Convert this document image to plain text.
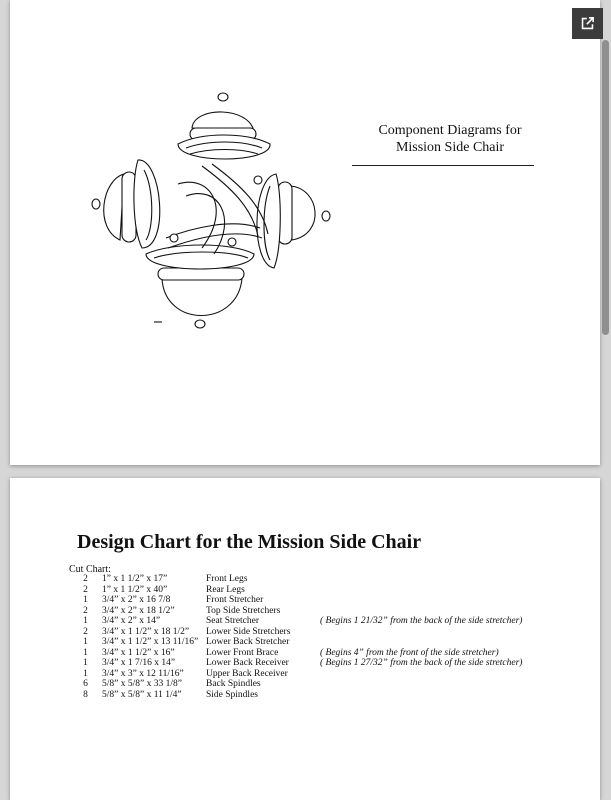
Component Diagrams for
Mission Side Chair
Design Chart for the Mission Side Chair
Cut Chart:
2	1” x 1 1/2” x 17”	Front Legs	
2	1” x 1 1/2” x 40”	Rear Legs	
1	3/4” x 2” x 16 7/8	Front Stretcher	
2	3/4” x 2” x 18 1/2”	Top Side Stretchers	
1	3/4” x 2” x 14”	Seat Stretcher	( Begins 1 21/32” from the back of the side stretcher)
2	3/4” x 1 1/2” x 18 1/2”	Lower Side Stretchers	
1	3/4” x 1 1/2” x 13 11/16”	Lower Back Stretcher	
1	3/4” x 1 1/2” x 16”	Lower Front Brace	( Begins 4” from the front of the side stretcher)
1	3/4” x 1 7/16 x 14”	Lower Back Receiver	( Begins 1 27/32” from the back of the side stretcher)
1	3/4” x 3” x 12 11/16”	Upper Back Receiver	
6	5/8” x 5/8” x 33 1/8”	Back Spindles	
8	5/8” x 5/8” x 11 1/4”	Side Spindles	
